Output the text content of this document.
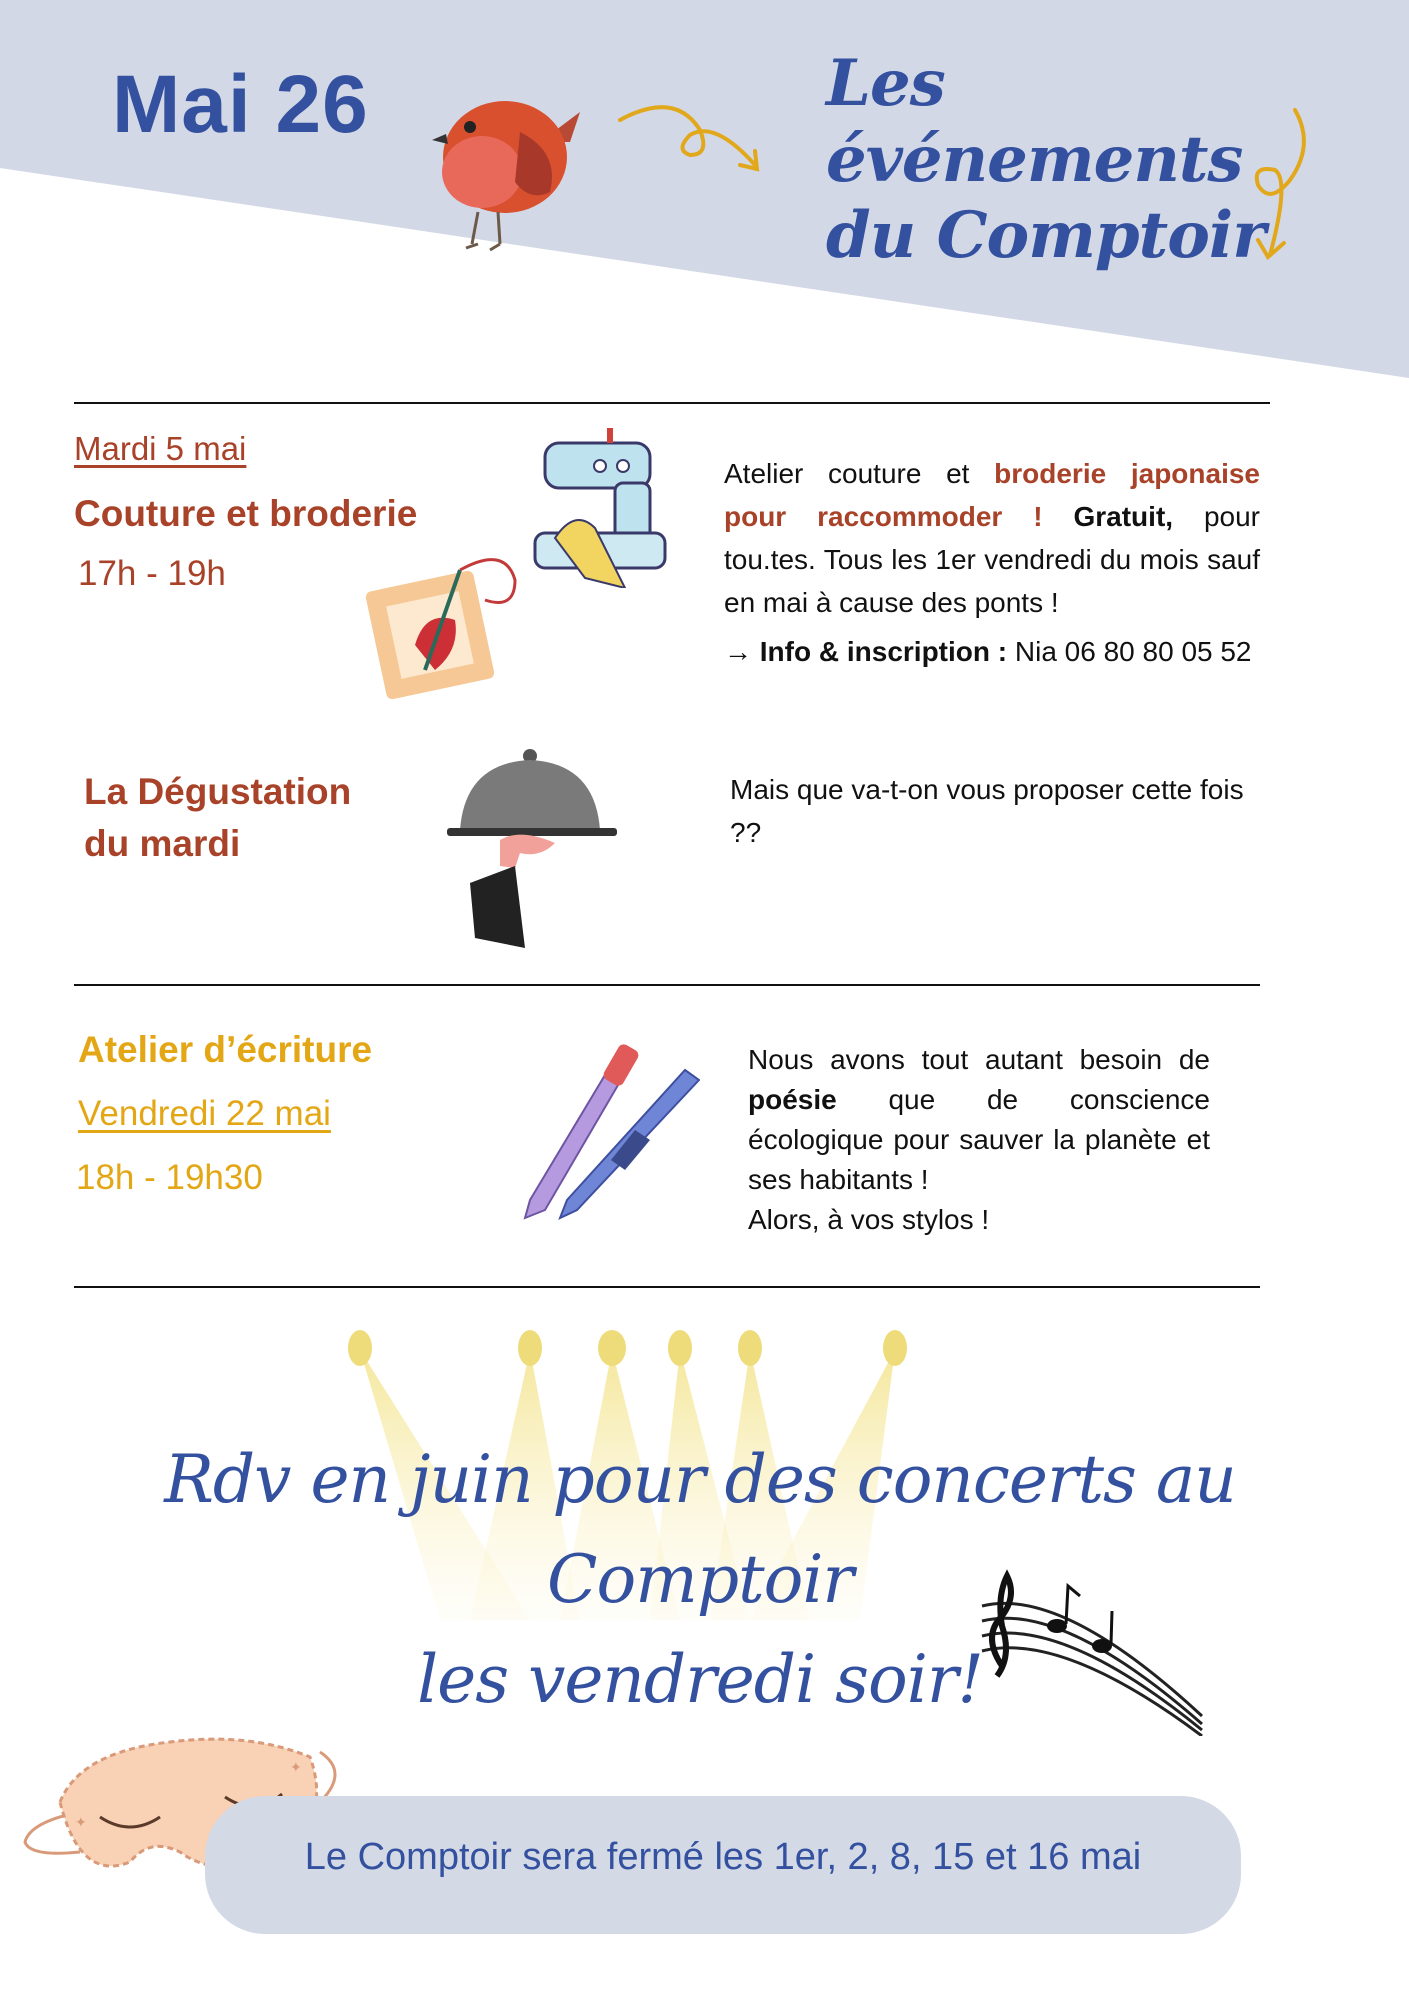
Mai 26	Les événements
du Comptoir
Mardi 5 mai
Couture et broderie
17h - 19h
Atelier couture et broderie japonaise pour raccommoder ! Gratuit, pour tou.tes. Tous les 1er vendredi du mois sauf en mai à cause des ponts !
→ Info & inscription : Nia 06 80 80 05 52
La Dégustation
du mardi
Mais que va-t-on vous proposer cette fois ??
Atelier d’écriture
Vendredi 22 mai
18h - 19h30
Nous avons tout autant besoin de poésie que de conscience écologique pour sauver la planète et ses habitants !
Alors, à vos stylos !
Rdv en juin pour des concerts au Comptoir
les vendredi soir!
✦
✦
Le Comptoir sera fermé les 1er, 2, 8, 15 et 16 mai
